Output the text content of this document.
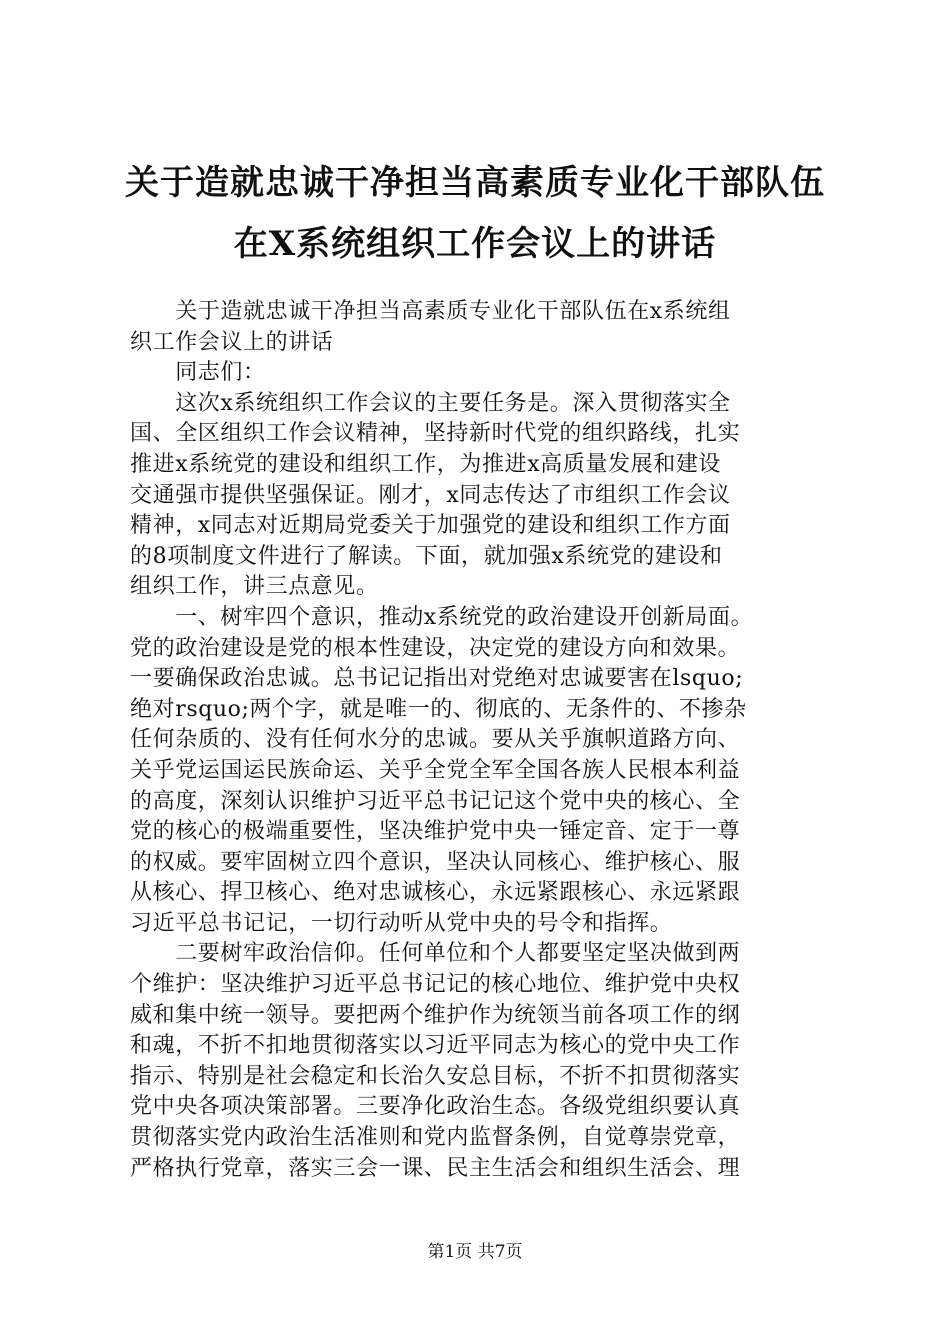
关于造就忠诚干净担当高素质专业化干部队伍
在X系统组织工作会议上的讲话
　　关于造就忠诚干净担当高素质专业化干部队伍在x系统组
织工作会议上的讲话
　　同志们：
　　这次x系统组织工作会议的主要任务是。深入贯彻落实全
国、全区组织工作会议精神，坚持新时代党的组织路线，扎实
推进x系统党的建设和组织工作，为推进x高质量发展和建设
交通强市提供坚强保证。刚才，x同志传达了市组织工作会议
精神，x同志对近期局党委关于加强党的建设和组织工作方面
的8项制度文件进行了解读。下面，就加强x系统党的建设和
组织工作，讲三点意见。
　　一、树牢四个意识，推动x系统党的政治建设开创新局面。
党的政治建设是党的根本性建设，决定党的建设方向和效果。
一要确保政治忠诚。总书记记指出对党绝对忠诚要害在lsquo;
绝对rsquo;两个字，就是唯一的、彻底的、无条件的、不掺杂
任何杂质的、没有任何水分的忠诚。要从关乎旗帜道路方向、
关乎党运国运民族命运、关乎全党全军全国各族人民根本利益
的高度，深刻认识维护习近平总书记记这个党中央的核心、全
党的核心的极端重要性，坚决维护党中央一锤定音、定于一尊
的权威。要牢固树立四个意识，坚决认同核心、维护核心、服
从核心、捍卫核心、绝对忠诚核心，永远紧跟核心、永远紧跟
习近平总书记记，一切行动听从党中央的号令和指挥。
　　二要树牢政治信仰。任何单位和个人都要坚定坚决做到两
个维护：坚决维护习近平总书记记的核心地位、维护党中央权
威和集中统一领导。要把两个维护作为统领当前各项工作的纲
和魂，不折不扣地贯彻落实以习近平同志为核心的党中央工作
指示、特别是社会稳定和长治久安总目标，不折不扣贯彻落实
党中央各项决策部署。三要净化政治生态。各级党组织要认真
贯彻落实党内政治生活准则和党内监督条例，自觉尊崇党章，
严格执行党章，落实三会一课、民主生活会和组织生活会、理
第1页 共7页
